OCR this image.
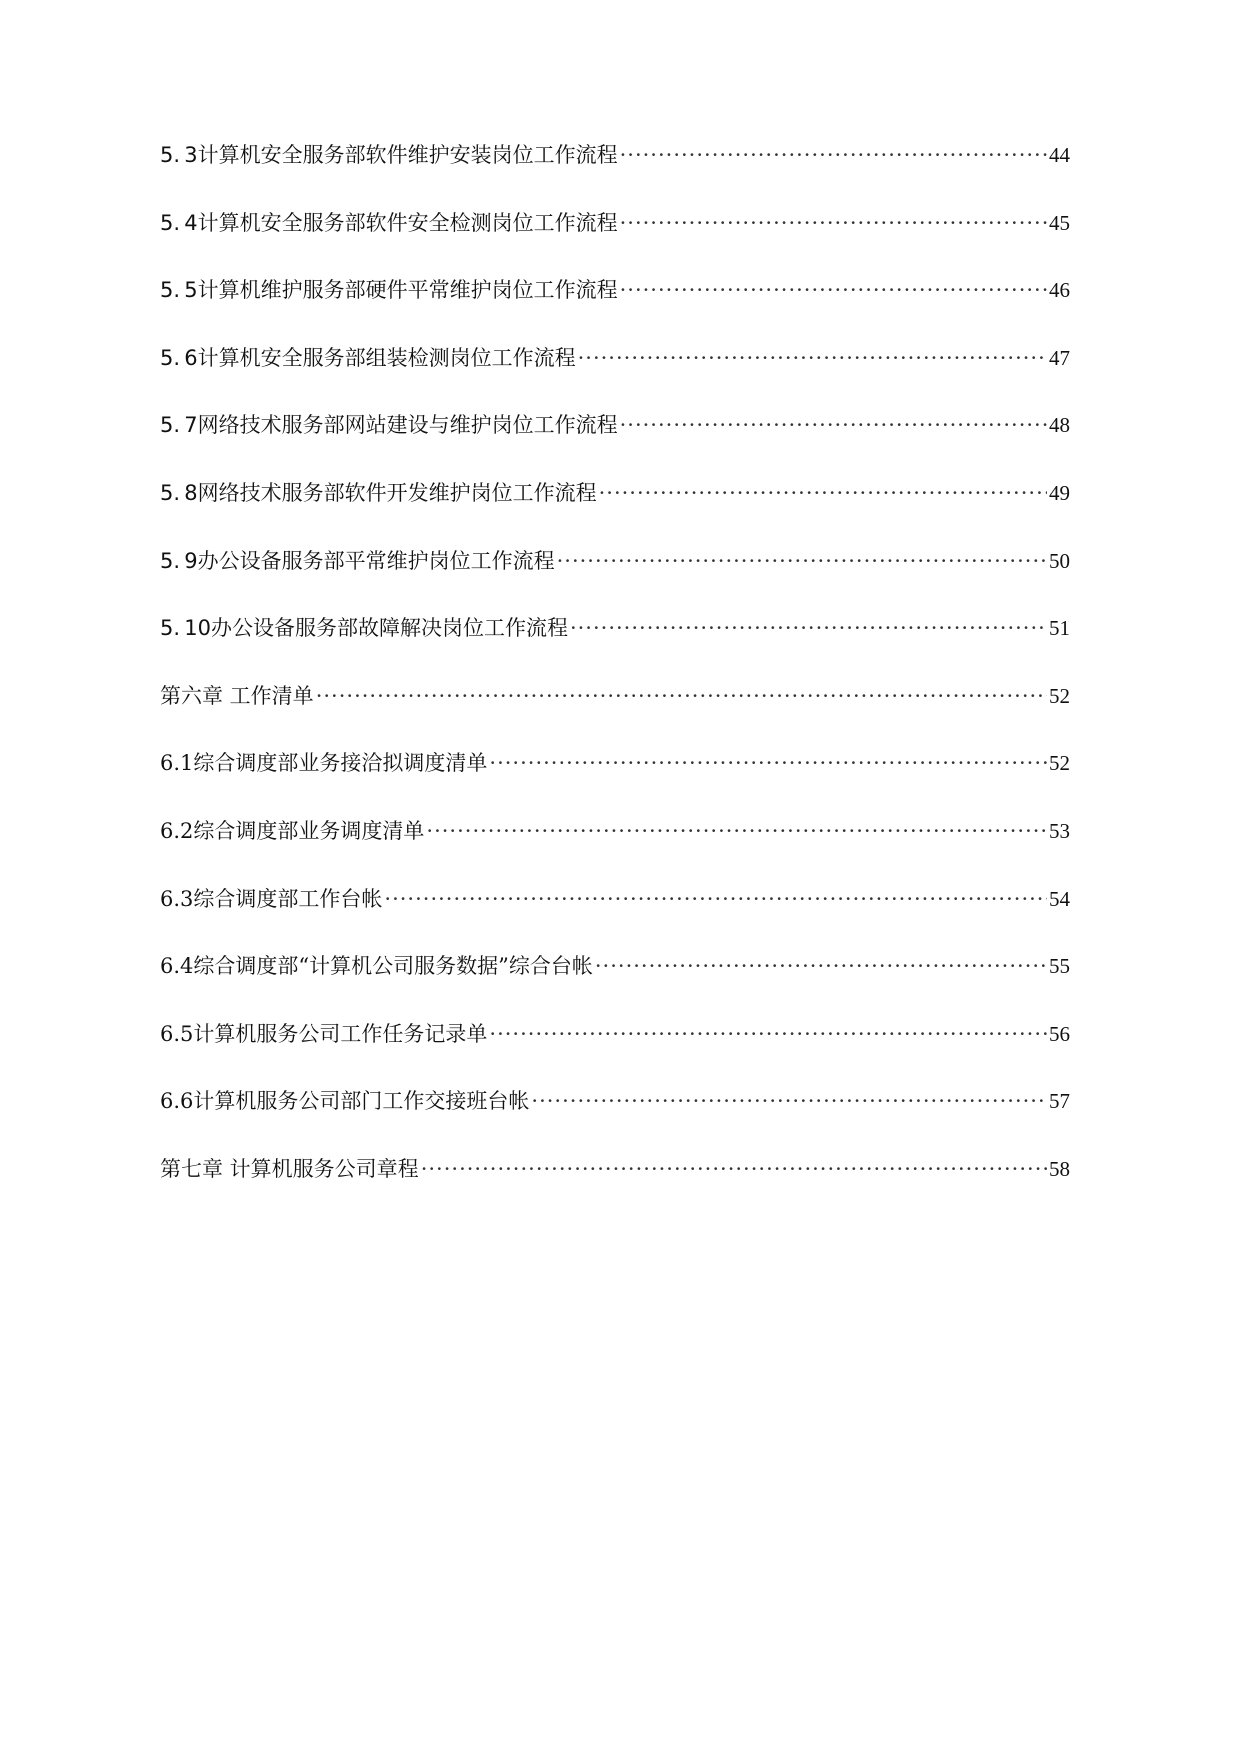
5. 3计算机安全服务部软件维护安装岗位工作流程 ·····	44
5. 4计算机安全服务部软件安全检测岗位工作流程 ·····	45
5. 5计算机维护服务部硬件平常维护岗位工作流程 ·····	46
5. 6计算机安全服务部组装检测岗位工作流程 ·····	47
5. 7网络技术服务部网站建设与维护岗位工作流程 ·····	48
5. 8网络技术服务部软件开发维护岗位工作流程 ·····	49
5. 9办公设备服务部平常维护岗位工作流程 ·····	50
5. 10办公设备服务部故障解决岗位工作流程 ·····	51
第六章 工作清单 ·····	52
6.1综合调度部业务接洽拟调度清单 ·····	52
6.2综合调度部业务调度清单 ·····	53
6.3综合调度部工作台帐 ·····	54
6.4综合调度部“计算机公司服务数据”综合台帐 ·····	55
6.5计算机服务公司工作任务记录单 ·····	56
6.6计算机服务公司部门工作交接班台帐 ·····	57
第七章 计算机服务公司章程 ·····	58
